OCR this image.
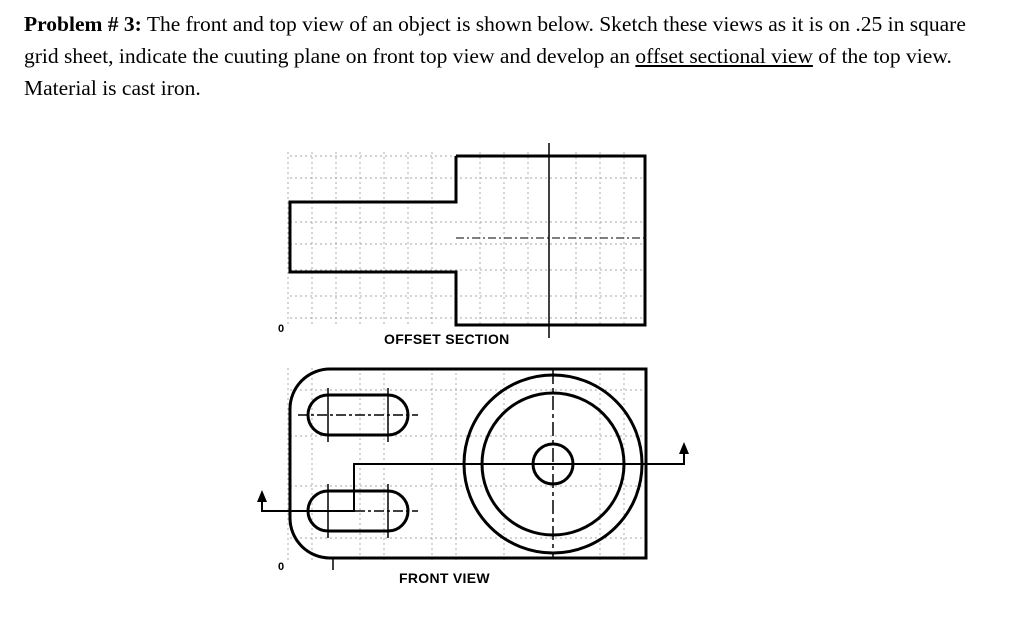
Problem # 3: The front and top view of an object is shown below. Sketch these views as it is on .25 in square grid sheet, indicate the cuuting plane on front top view and develop an offset sectional view of the top view. Material is cast iron.
0
OFFSET SECTION
0
FRONT VIEW
